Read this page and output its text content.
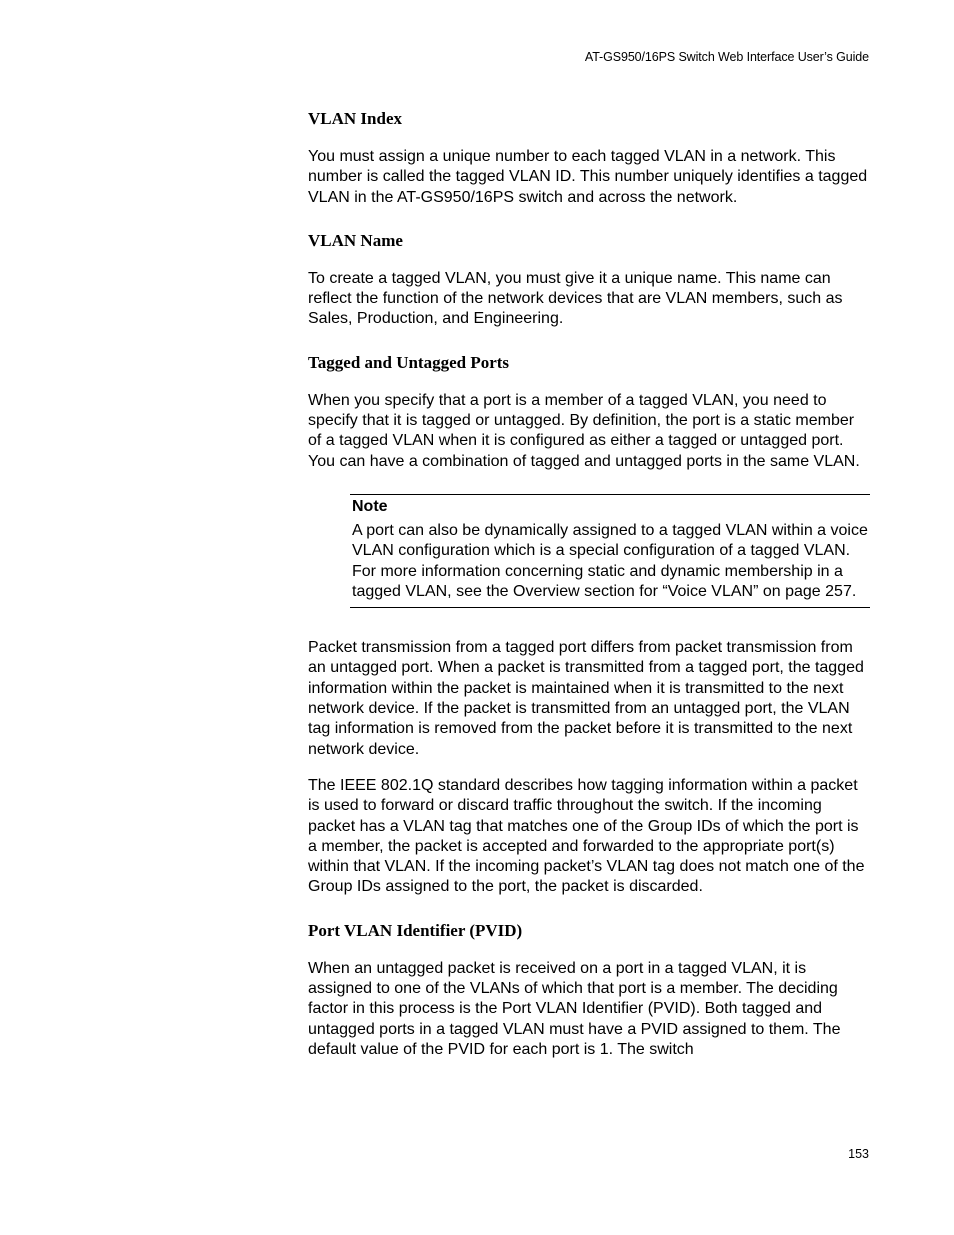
AT-GS950/16PS Switch Web Interface User’s Guide
VLAN Index

You must assign a unique number to each tagged VLAN in a network. This number is called the tagged VLAN ID. This number uniquely identifies a tagged VLAN in the AT-GS950/16PS switch and across the network.

VLAN Name

To create a tagged VLAN, you must give it a unique name. This name can reflect the function of the network devices that are VLAN members, such as Sales, Production, and Engineering.

Tagged and Untagged Ports

When you specify that a port is a member of a tagged VLAN, you need to specify that it is tagged or untagged. By definition, the port is a static member of a tagged VLAN when it is configured as either a tagged or untagged port. You can have a combination of tagged and untagged ports in the same VLAN.

Note

A port can also be dynamically assigned to a tagged VLAN within a voice VLAN configuration which is a special configuration of a tagged VLAN. For more information concerning static and dynamic membership in a tagged VLAN, see the Overview section for “Voice VLAN” on page 257.

Packet transmission from a tagged port differs from packet transmission from an untagged port. When a packet is transmitted from a tagged port, the tagged information within the packet is maintained when it is transmitted to the next network device. If the packet is transmitted from an untagged port, the VLAN tag information is removed from the packet before it is transmitted to the next network device.

The IEEE 802.1Q standard describes how tagging information within a packet is used to forward or discard traffic throughout the switch. If the incoming packet has a VLAN tag that matches one of the Group IDs of which the port is a member, the packet is accepted and forwarded to the appropriate port(s) within that VLAN. If the incoming packet’s VLAN tag does not match one of the Group IDs assigned to the port, the packet is discarded.

Port VLAN Identifier (PVID)

When an untagged packet is received on a port in a tagged VLAN, it is assigned to one of the VLANs of which that port is a member. The deciding factor in this process is the Port VLAN Identifier (PVID). Both tagged and untagged ports in a tagged VLAN must have a PVID assigned to them. The default value of the PVID for each port is 1. The switch

153
